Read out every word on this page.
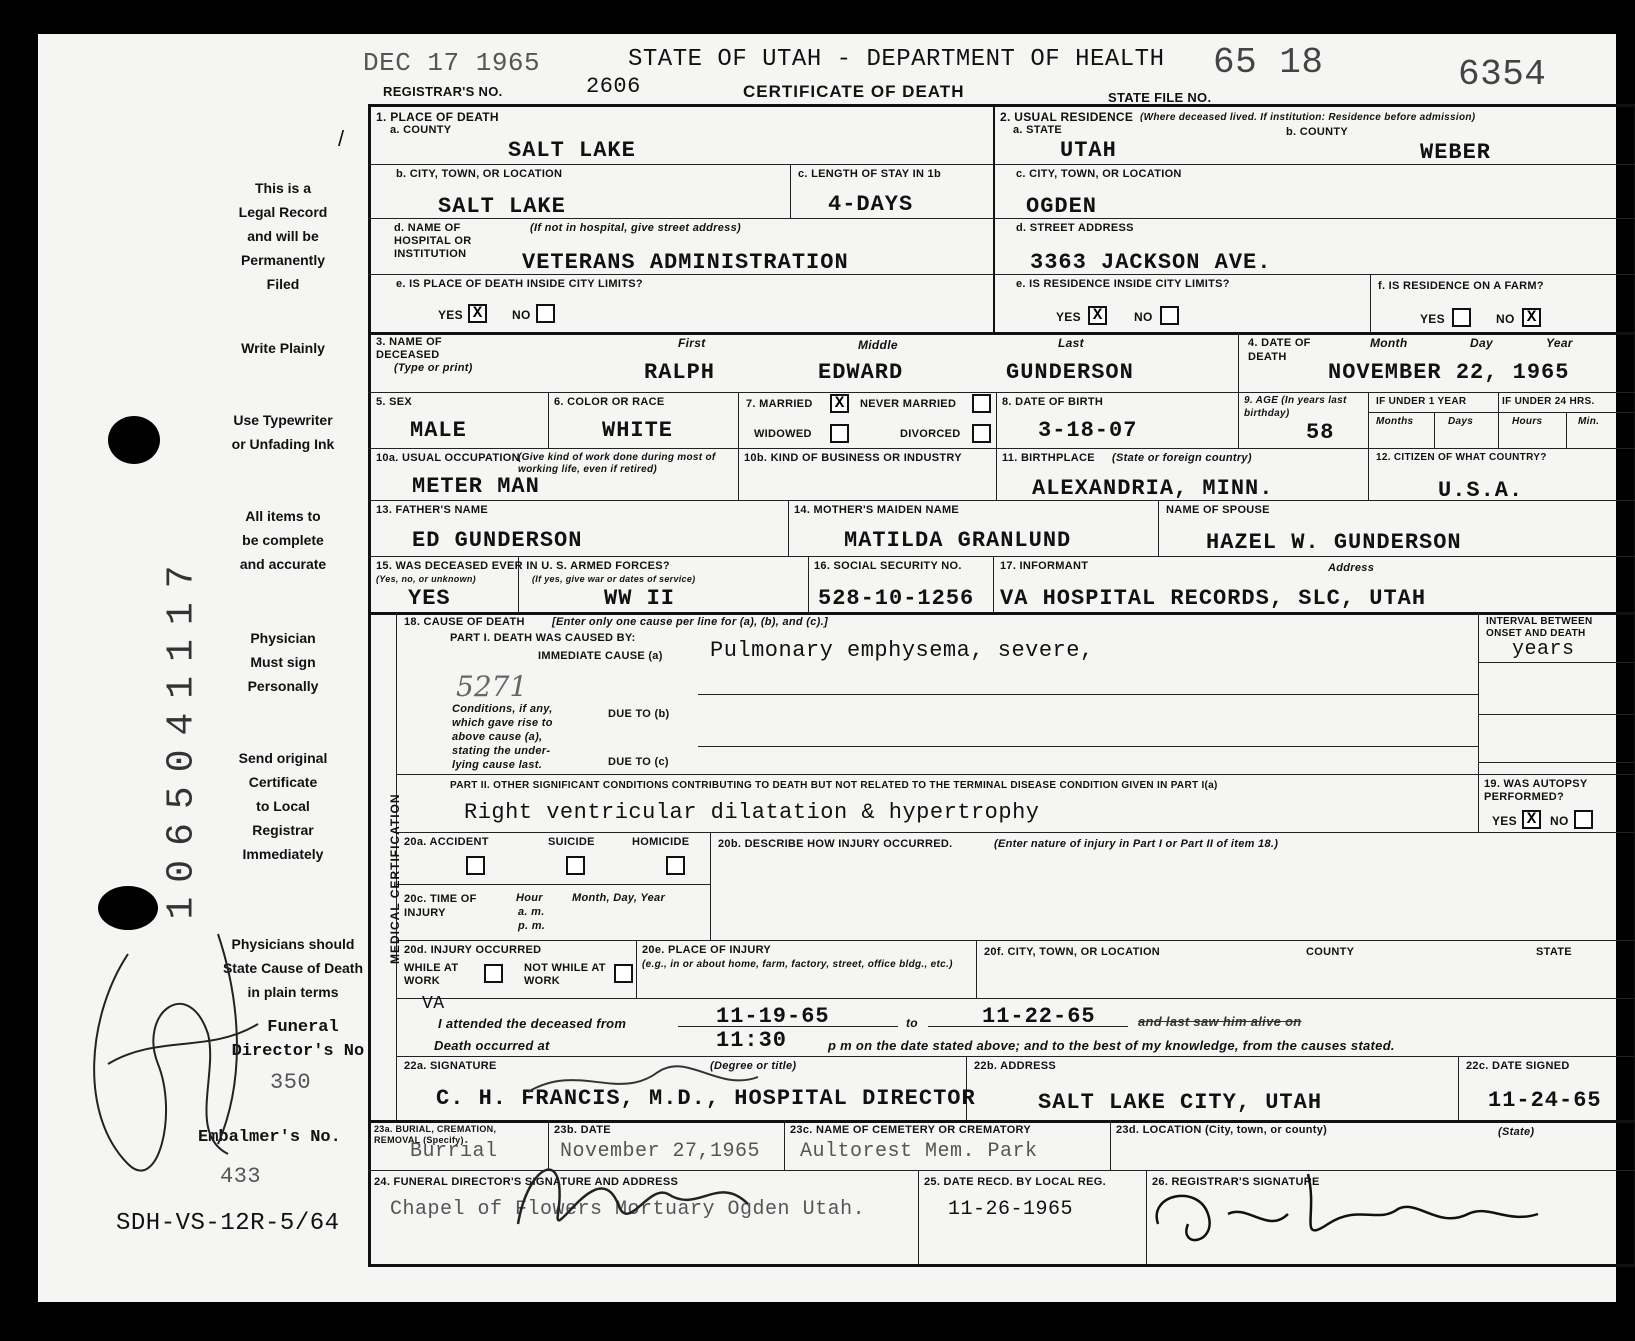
DEC 17 1965
REGISTRAR'S NO.	2606
STATE OF UTAH - DEPARTMENT OF HEALTH
CERTIFICATE OF DEATH	STATE FILE NO.
65 18	6354
/
This is a
Legal Record
and will be
Permanently
Filed
Write Plainly
Use Typewriter
or Unfading Ink
All items to
be complete
and accurate
Physician
Must sign
Personally
Send original
Certificate
to Local
Registrar
Immediately
Physicians should
State Cause of Death
in plain terms
Funeral
Director's No.
350
Embalmer's No.
433
SDH-VS-12R-5/64
1065041117
1. PLACE OF DEATH
a. COUNTY
SALT LAKE
b. CITY, TOWN, OR LOCATION
SALT LAKE
c. LENGTH OF STAY IN 1b
4-DAYS
d. NAME OF HOSPITAL OR INSTITUTION
(If not in hospital, give street address)
VETERANS ADMINISTRATION
e. IS PLACE OF DEATH INSIDE CITY LIMITS?
YES X	NO
2. USUAL RESIDENCE (Where deceased lived. If institution: Residence before admission)
a. STATE
UTAH
b. COUNTY
WEBER
c. CITY, TOWN, OR LOCATION
OGDEN
d. STREET ADDRESS
3363 JACKSON AVE.
e. IS RESIDENCE INSIDE CITY LIMITS?
YES X	NO
f. IS RESIDENCE ON A FARM?
YES	NO X
3. NAME OF DECEASED
(Type or print)
First
RALPH
Middle
EDWARD
Last
GUNDERSON
4. DATE OF DEATH
Month	Day	Year
NOVEMBER 22, 1965
5. SEX
MALE
6. COLOR OR RACE
WHITE
7. MARRIED X	NEVER MARRIED
WIDOWED	DIVORCED
8. DATE OF BIRTH
3-18-07
9. AGE (In years last birthday)
58
IF UNDER 1 YEAR	IF UNDER 24 HRS.
Months	Days	Hours	Min.
10a. USUAL OCCUPATION
(Give kind of work done during most of working life, even if retired)
METER MAN
10b. KIND OF BUSINESS OR INDUSTRY	11. BIRTHPLACE (State or foreign country)
ALEXANDRIA, MINN.
12. CITIZEN OF WHAT COUNTRY?
U.S.A.
13. FATHER'S NAME
ED GUNDERSON
14. MOTHER'S MAIDEN NAME
MATILDA GRANLUND
NAME OF SPOUSE
HAZEL W. GUNDERSON
15. WAS DECEASED EVER IN U. S. ARMED FORCES?
(Yes, no, or unknown)	(If yes, give war or dates of service)
YES	WW II
16. SOCIAL SECURITY NO.
528-10-1256
17. INFORMANT	Address
VA HOSPITAL RECORDS, SLC, UTAH
MEDICAL CERTIFICATION
18. CAUSE OF DEATH [Enter only one cause per line for (a), (b), and (c).]
PART I. DEATH WAS CAUSED BY:
IMMEDIATE CAUSE (a) Pulmonary emphysema, severe,
5271
Conditions, if any,
which gave rise to
above cause (a),
stating the under-
lying cause last.
DUE TO (b)
DUE TO (c)
INTERVAL BETWEEN ONSET AND DEATH
years
PART II. OTHER SIGNIFICANT CONDITIONS CONTRIBUTING TO DEATH BUT NOT RELATED TO THE TERMINAL DISEASE CONDITION GIVEN IN PART I(a)
Right ventricular dilatation & hypertrophy
19. WAS AUTOPSY PERFORMED?
YES X	NO
20a. ACCIDENT	SUICIDE	HOMICIDE	20b. DESCRIBE HOW INJURY OCCURRED.	(Enter nature of injury in Part I or Part II of item 18.)
20c. TIME OF INJURY
Hour
a. m.
p. m.
Month, Day, Year
20d. INJURY OCCURRED
WHILE AT WORK
NOT WHILE AT WORK
20e. PLACE OF INJURY
(e.g., in or about home, farm, factory, street, office bldg., etc.)
20f. CITY, TOWN, OR LOCATION	COUNTY	STATE
VA
I attended the deceased from	11-19-65	to	11-22-65	and last saw him alive on
Death occurred at	11:30	p m on the date stated above; and to the best of my knowledge, from the causes stated.
22a. SIGNATURE	(Degree or title)
C. H. FRANCIS, M.D., HOSPITAL DIRECTOR
22b. ADDRESS
SALT LAKE CITY, UTAH
22c. DATE SIGNED
11-24-65
23a. BURIAL, CREMATION, REMOVAL (Specify)
Burrial
23b. DATE
November 27,1965
23c. NAME OF CEMETERY OR CREMATORY
Aultorest Mem. Park
23d. LOCATION (City, town, or county)	(State)
24. FUNERAL DIRECTOR'S SIGNATURE AND ADDRESS
Chapel of Flowers Mortuary Ogden Utah.
25. DATE RECD. BY LOCAL REG.
11-26-1965
26. REGISTRAR'S SIGNATURE
